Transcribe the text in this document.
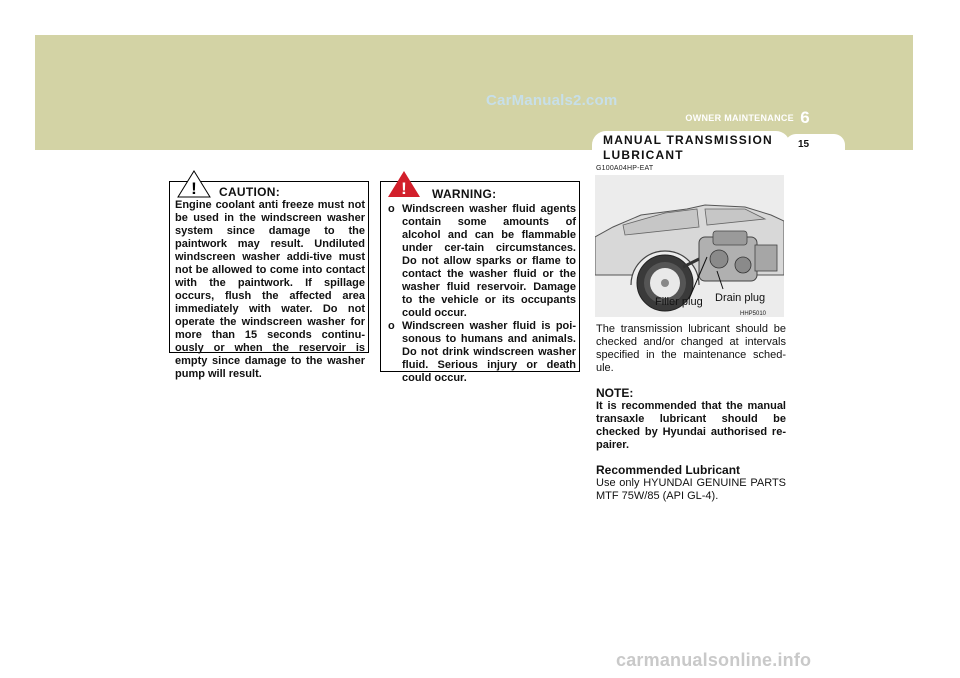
CarManuals2.com
OWNER MAINTENANCE 6
15
MANUAL TRANSMISSION
LUBRICANT
! CAUTION:
Engine coolant anti freeze must not be used in the windscreen washer system since damage to the paintwork may result. Undiluted windscreen washer addi-tive must not be allowed to come into contact with the paintwork. If spillage occurs, flush the affected area immediately with water. Do not operate the windscreen washer for more than 15 seconds continu-ously or when the reservoir is empty since damage to the washer pump will result.
! WARNING:
o Windscreen washer fluid agents contain some amounts of alcohol and can be flammable under cer-tain circumstances. Do not allow sparks or flame to contact the washer fluid or the washer fluid reservoir. Damage to the vehicle or its occupants could occur.
o Windscreen washer fluid is poi-sonous to humans and animals. Do not drink windscreen washer fluid. Serious injury or death could occur.
G100A04HP-EAT
Filler plug Drain plug
HHP5010
The transmission lubricant should be checked and/or changed at intervals specified in the maintenance sched-ule.
NOTE:
It is recommended that the manual transaxle lubricant should be checked by Hyundai authorised re-pairer.
Recommended Lubricant
Use only HYUNDAI GENUINE PARTS MTF 75W/85 (API GL-4).
carmanualsonline.info
